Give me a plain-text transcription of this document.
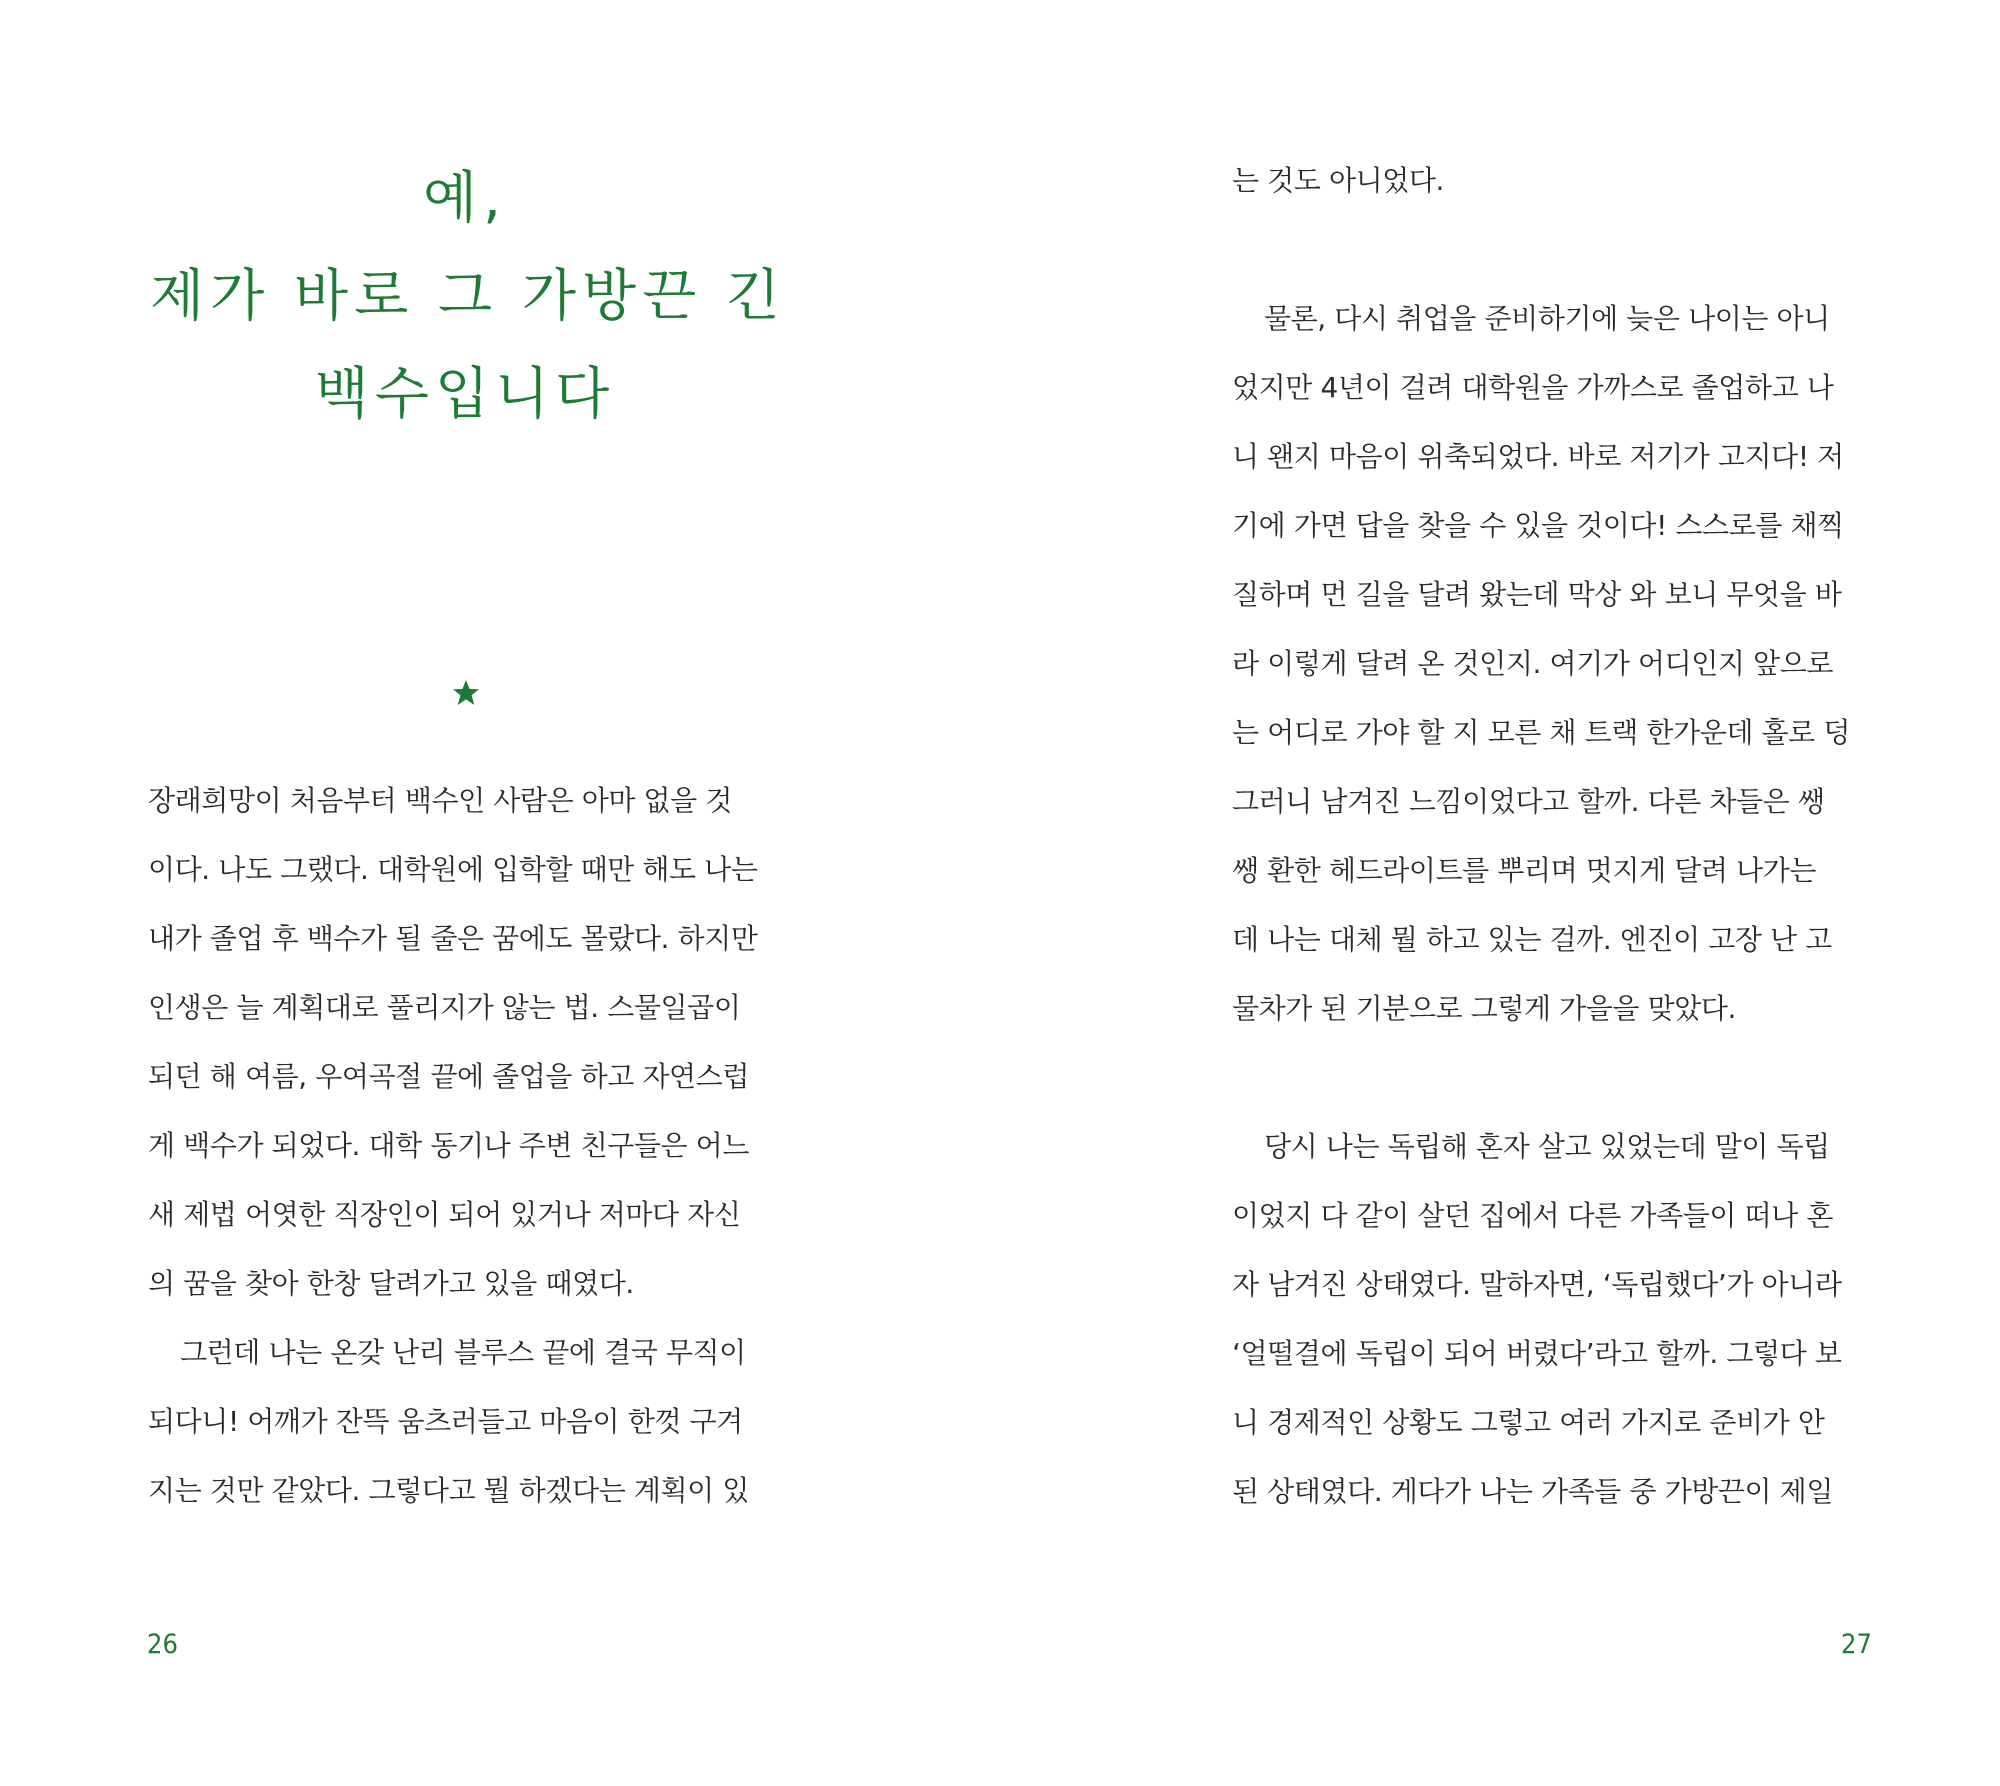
예,
제가 바로 그 가방끈 긴
백수입니다
장래희망이 처음부터 백수인 사람은 아마 없을 것
이다. 나도 그랬다. 대학원에 입학할 때만 해도 나는
내가 졸업 후 백수가 될 줄은 꿈에도 몰랐다. 하지만
인생은 늘 계획대로 풀리지가 않는 법. 스물일곱이
되던 해 여름, 우여곡절 끝에 졸업을 하고 자연스럽
게 백수가 되었다. 대학 동기나 주변 친구들은 어느
새 제법 어엿한 직장인이 되어 있거나 저마다 자신
의 꿈을 찾아 한창 달려가고 있을 때였다.
그런데 나는 온갖 난리 블루스 끝에 결국 무직이
되다니! 어깨가 잔뜩 움츠러들고 마음이 한껏 구겨
지는 것만 같았다. 그렇다고 뭘 하겠다는 계획이 있
26
는 것도 아니었다.
물론, 다시 취업을 준비하기에 늦은 나이는 아니
었지만 4년이 걸려 대학원을 가까스로 졸업하고 나
니 왠지 마음이 위축되었다. 바로 저기가 고지다! 저
기에 가면 답을 찾을 수 있을 것이다! 스스로를 채찍
질하며 먼 길을 달려 왔는데 막상 와 보니 무엇을 바
라 이렇게 달려 온 것인지. 여기가 어디인지 앞으로
는 어디로 가야 할 지 모른 채 트랙 한가운데 홀로 덩
그러니 남겨진 느낌이었다고 할까. 다른 차들은 쌩
쌩 환한 헤드라이트를 뿌리며 멋지게 달려 나가는
데 나는 대체 뭘 하고 있는 걸까. 엔진이 고장 난 고
물차가 된 기분으로 그렇게 가을을 맞았다.
당시 나는 독립해 혼자 살고 있었는데 말이 독립
이었지 다 같이 살던 집에서 다른 가족들이 떠나 혼
자 남겨진 상태였다. 말하자면, ‘독립했다’가 아니라
‘얼떨결에 독립이 되어 버렸다’라고 할까. 그렇다 보
니 경제적인 상황도 그렇고 여러 가지로 준비가 안
된 상태였다. 게다가 나는 가족들 중 가방끈이 제일
27
